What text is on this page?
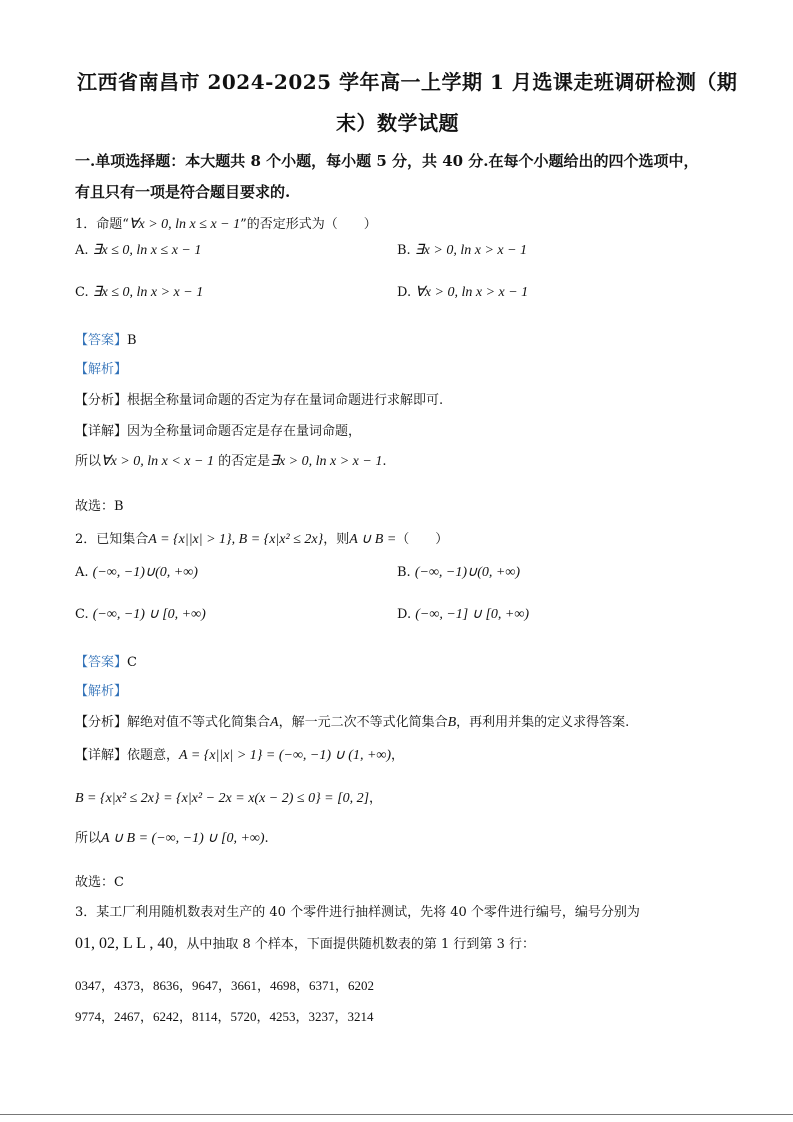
江西省南昌市 2024-2025 学年高一上学期 1 月选课走班调研检测（期
末）数学试题
一.单项选择题：本大题共 8 个小题，每小题 5 分，共 40 分.在每个小题给出的四个选项中，
有且只有一项是符合题目要求的.
1．命题“∀x > 0, ln x ≤ x − 1”的否定形式为（　　）
A. ∃x ≤ 0, ln x ≤ x − 1	B. ∃x > 0, ln x > x − 1
C. ∃x ≤ 0, ln x > x − 1	D. ∀x > 0, ln x > x − 1
【答案】B
【解析】
【分析】根据全称量词命题的否定为存在量词命题进行求解即可.
【详解】因为全称量词命题否定是存在量词命题，
所以∀x > 0, ln x < x − 1 的否定是∃x > 0, ln x > x − 1.
故选：B
2．已知集合A = {x||x| > 1}, B = {x|x² ≤ 2x}，则A ∪ B =（　　）
A. (−∞, −1)∪(0, +∞)	B. (−∞, −1)∪(0, +∞)
C. (−∞, −1) ∪ [0, +∞)	D. (−∞, −1] ∪ [0, +∞)
【答案】C
【解析】
【分析】解绝对值不等式化简集合A，解一元二次不等式化简集合B，再利用并集的定义求得答案.
【详解】依题意，A = {x||x| > 1} = (−∞, −1) ∪ (1, +∞)，
B = {x|x² ≤ 2x} = {x|x² − 2x = x(x − 2) ≤ 0} = [0, 2]，
所以A ∪ B = (−∞, −1) ∪ [0, +∞).
故选：C
3．某工厂利用随机数表对生产的 40 个零件进行抽样测试，先将 40 个零件进行编号，编号分别为
01, 02, L L , 40，从中抽取 8 个样本，下面提供随机数表的第 1 行到第 3 行：
0347，4373，8636，9647，3661，4698，6371，6202
9774，2467，6242，8114，5720，4253，3237，3214
